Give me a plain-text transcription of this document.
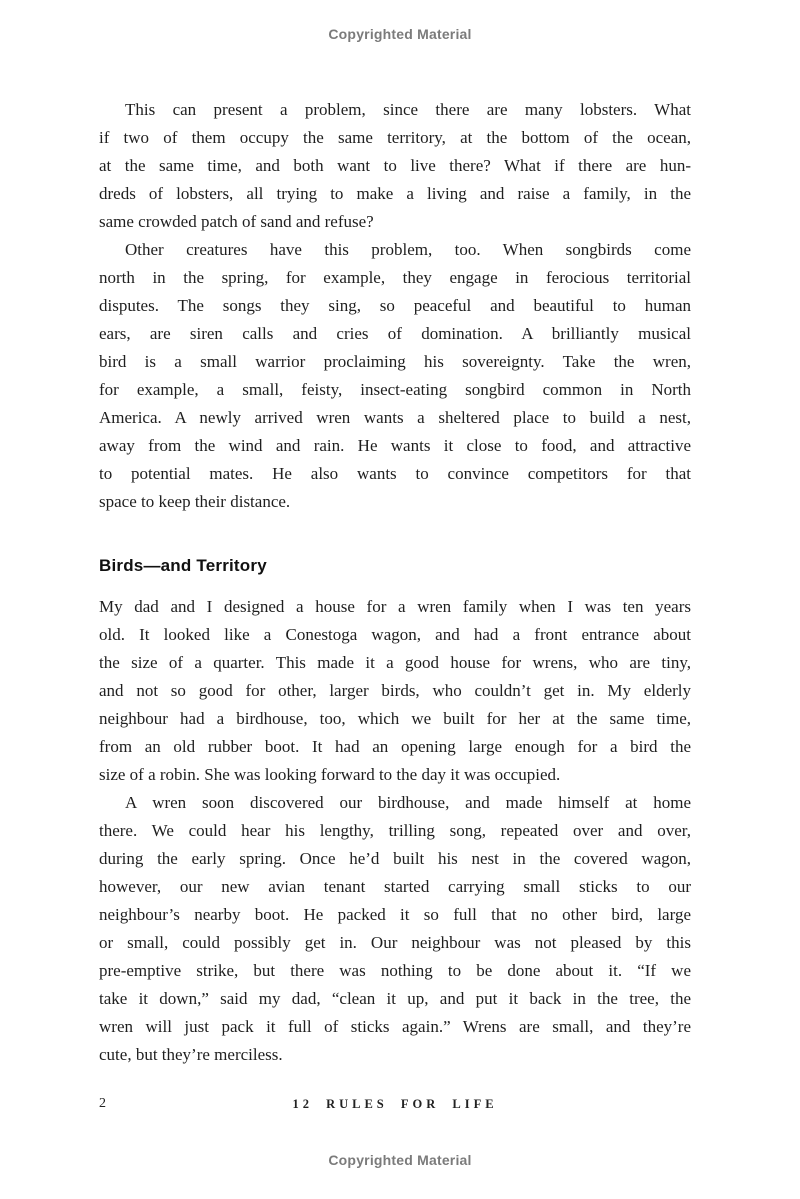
Copyrighted Material
This can present a problem, since there are many lobsters. What
if two of them occupy the same territory, at the bottom of the ocean,
at the same time, and both want to live there? What if there are hun-
dreds of lobsters, all trying to make a living and raise a family, in the
same crowded patch of sand and refuse?
Other creatures have this problem, too. When songbirds come
north in the spring, for example, they engage in ferocious territorial
disputes. The songs they sing, so peaceful and beautiful to human
ears, are siren calls and cries of domination. A brilliantly musical
bird is a small warrior proclaiming his sovereignty. Take the wren,
for example, a small, feisty, insect-eating songbird common in North
America. A newly arrived wren wants a sheltered place to build a nest,
away from the wind and rain. He wants it close to food, and attractive
to potential mates. He also wants to convince competitors for that
space to keep their distance.
Birds—and Territory
My dad and I designed a house for a wren family when I was ten years
old. It looked like a Conestoga wagon, and had a front entrance about
the size of a quarter. This made it a good house for wrens, who are tiny,
and not so good for other, larger birds, who couldn’t get in. My elderly
neighbour had a birdhouse, too, which we built for her at the same time,
from an old rubber boot. It had an opening large enough for a bird the
size of a robin. She was looking forward to the day it was occupied.
A wren soon discovered our birdhouse, and made himself at home
there. We could hear his lengthy, trilling song, repeated over and over,
during the early spring. Once he’d built his nest in the covered wagon,
however, our new avian tenant started carrying small sticks to our
neighbour’s nearby boot. He packed it so full that no other bird, large
or small, could possibly get in. Our neighbour was not pleased by this
pre-emptive strike, but there was nothing to be done about it. “If we
take it down,” said my dad, “clean it up, and put it back in the tree, the
wren will just pack it full of sticks again.” Wrens are small, and they’re
cute, but they’re merciless.
2	12 RULES FOR LIFE
Copyrighted Material
